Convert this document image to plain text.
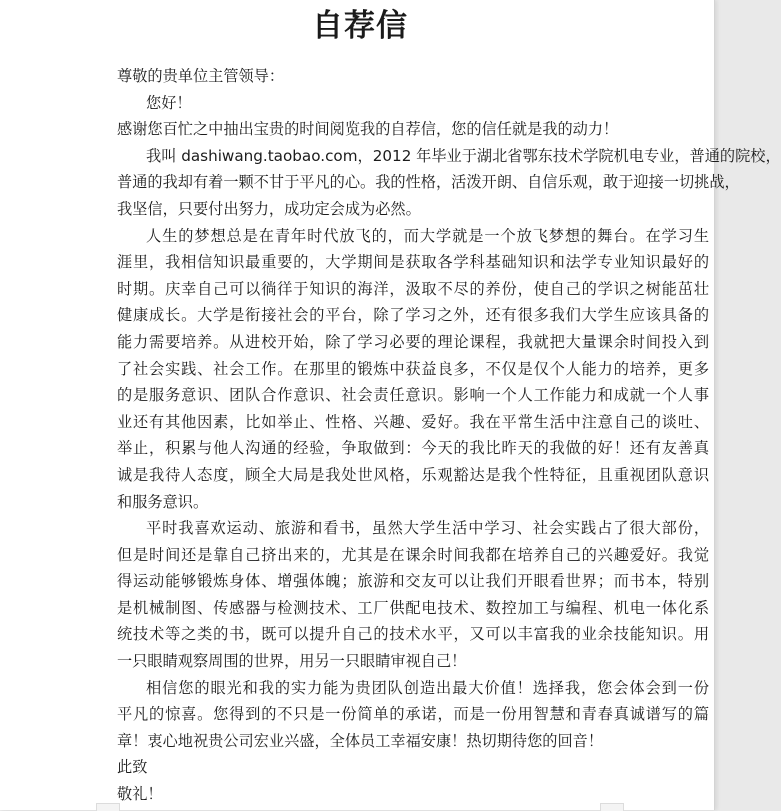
自荐信
尊敬的贵单位主管领导：
您好！
感谢您百忙之中抽出宝贵的时间阅览我的自荐信，您的信任就是我的动力！
我叫 dashiwang.taobao.com，2012 年毕业于湖北省鄂东技术学院机电专业，普通的院校，
普通的我却有着一颗不甘于平凡的心。我的性格，活泼开朗、自信乐观，敢于迎接一切挑战，
我坚信，只要付出努力，成功定会成为必然。
人生的梦想总是在青年时代放飞的，而大学就是一个放飞梦想的舞台。在学习生
涯里，我相信知识最重要的，大学期间是获取各学科基础知识和法学专业知识最好的
时期。庆幸自己可以徜徉于知识的海洋，汲取不尽的养份，使自己的学识之树能茁壮
健康成长。大学是衔接社会的平台，除了学习之外，还有很多我们大学生应该具备的
能力需要培养。从进校开始，除了学习必要的理论课程，我就把大量课余时间投入到
了社会实践、社会工作。在那里的锻炼中获益良多，不仅是仅个人能力的培养，更多
的是服务意识、团队合作意识、社会责任意识。影响一个人工作能力和成就一个人事
业还有其他因素，比如举止、性格、兴趣、爱好。我在平常生活中注意自己的谈吐、
举止，积累与他人沟通的经验，争取做到：今天的我比昨天的我做的好！还有友善真
诚是我待人态度，顾全大局是我处世风格，乐观豁达是我个性特征，且重视团队意识
和服务意识。
平时我喜欢运动、旅游和看书，虽然大学生活中学习、社会实践占了很大部份，
但是时间还是靠自己挤出来的，尤其是在课余时间我都在培养自己的兴趣爱好。我觉
得运动能够锻炼身体、增强体魄；旅游和交友可以让我们开眼看世界；而书本，特别
是机械制图、传感器与检测技术、工厂供配电技术、数控加工与编程、机电一体化系
统技术等之类的书，既可以提升自己的技术水平，又可以丰富我的业余技能知识。用
一只眼睛观察周围的世界，用另一只眼睛审视自己！
相信您的眼光和我的实力能为贵团队创造出最大价值！选择我，您会体会到一份
平凡的惊喜。您得到的不只是一份简单的承诺，而是一份用智慧和青春真诚谱写的篇
章！衷心地祝贵公司宏业兴盛，全体员工幸福安康！热切期待您的回音！
此致
敬礼！
